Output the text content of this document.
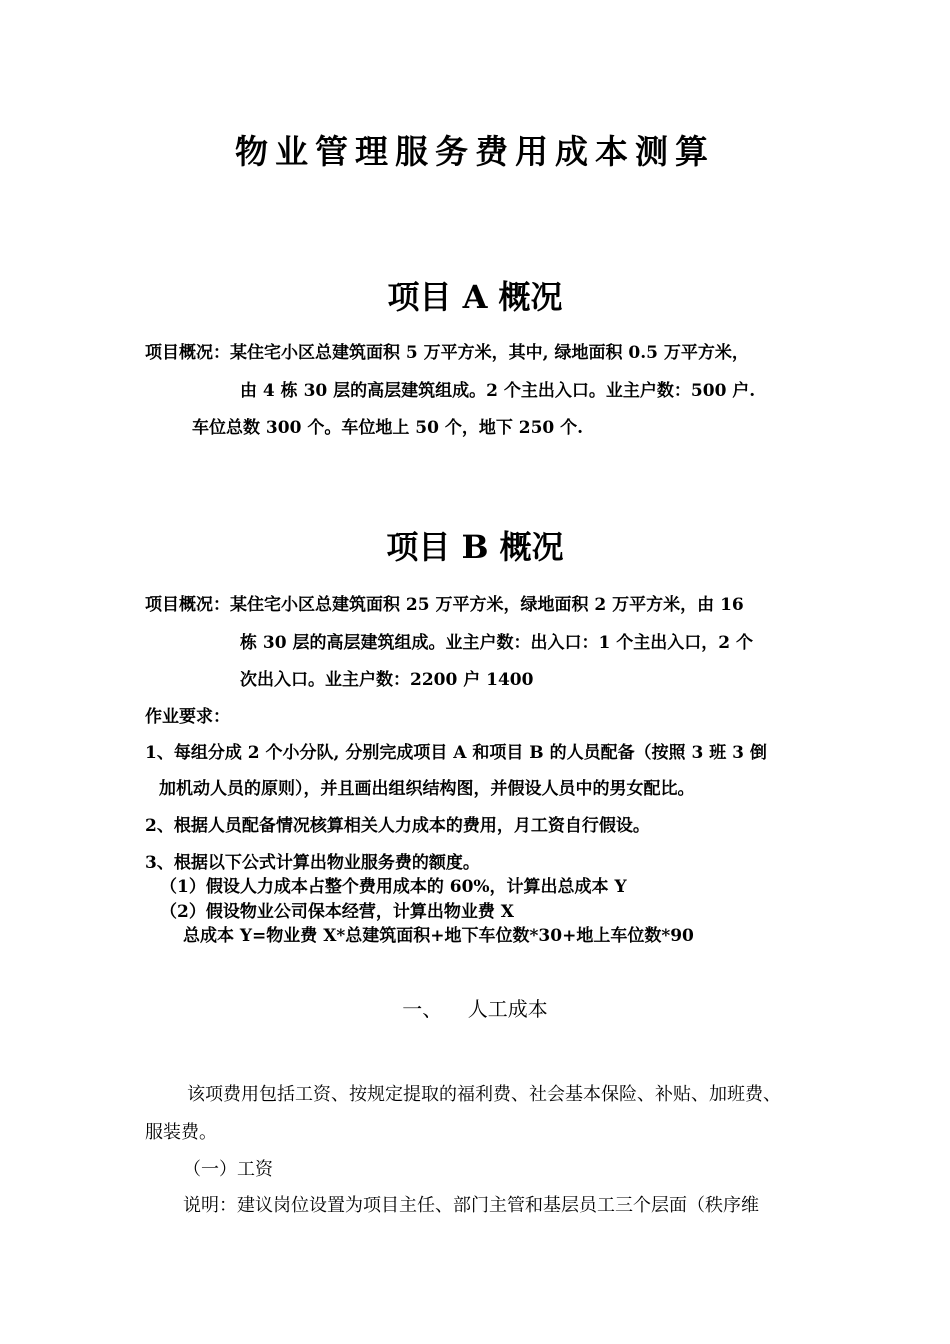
物业管理服务费用成本测算
项目 A 概况
项目概况：某住宅小区总建筑面积 5 万平方米，其中, 绿地面积 0.5 万平方米，
由 4 栋 30 层的高层建筑组成。2 个主出入口。业主户数：500 户.
车位总数 300 个。车位地上 50 个，地下 250 个.
项目 B 概况
项目概况：某住宅小区总建筑面积 25 万平方米，绿地面积 2 万平方米，由 16
栋 30 层的高层建筑组成。业主户数：出入口：1 个主出入口，2 个
次出入口。业主户数：2200 户 1400
作业要求：
1、每组分成 2 个小分队, 分别完成项目 A 和项目 B 的人员配备（按照 3 班 3 倒
加机动人员的原则），并且画出组织结构图，并假设人员中的男女配比。
2、根据人员配备情况核算相关人力成本的费用，月工资自行假设。
3、根据以下公式计算出物业服务费的额度。
（1）假设人力成本占整个费用成本的 60%，计算出总成本 Y
（2）假设物业公司保本经营，计算出物业费 X
总成本 Y=物业费 X*总建筑面积+地下车位数*30+地上车位数*90
一、    人工成本
该项费用包括工资、按规定提取的福利费、社会基本保险、补贴、加班费、
服装费。
（一）工资
说明：建议岗位设置为项目主任、部门主管和基层员工三个层面（秩序维
